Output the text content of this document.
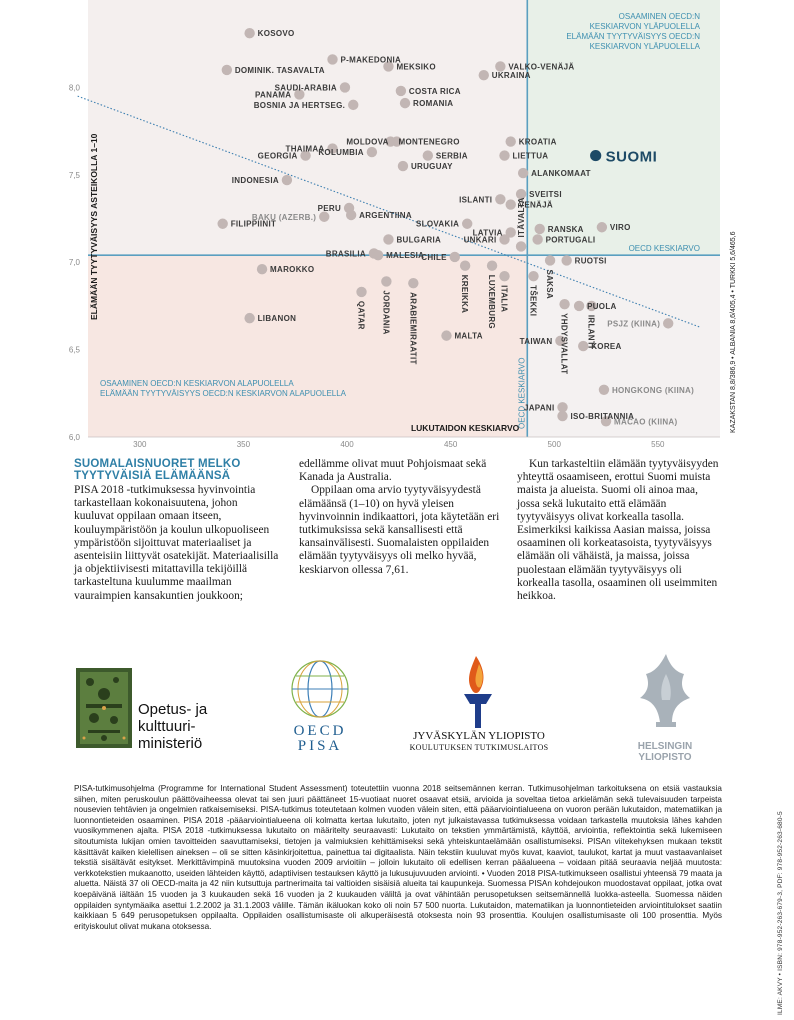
6,0
6,5
7,0
7,5
8,0
300	350	400	450	500	550
KOSOVO
DOMINIK. TASAVALTA
P-MAKEDONIA
MEKSIKO
SAUDI-ARABIA
PANAMA
BOSNIA JA HERTSEG.
COSTA RICA
ROMANIA
VALKO-VENÄJÄ
UKRAINA
THAIMAA
MOLDOVA MONTENEGRO
KOLUMBIA
GEORGIA	SERBIA
URUGUAY
INDONESIA
KROATIA
LIETTUA
ALANKOMAAT
ISLANTI
SVEITSI
VENÄJÄ
PERU
ARGENTIINA
BAKU (AZERB.)
FILIPPIINIT	SLOVAKIA
LATVIA
UNKARI
RANSKA
PORTUGALI
VIRO
BULGARIA
BRASILIA	MALESIA
CHILE	RUOTSI
MAROKKO
LIBANON
PUOLA
PSJZ (KIINA)
KOREA
MALTA
HONGKONG (KIINA)
JAPANI
ISO-BRITANNIA
MACAO (KIINA)
KREIKKA LUXEMBURG ITALIA
ITÄVALTA
TŠEKKI
SAKSA
YHDYSVALLAT IRLANTI
TAIWAN
QATAR JORDANIA ARABIEMIRAATIT
SUOMI
ELÄMÄÄN TYYTYVÄISYYS ASTEIKOLLA 1–10
LUKUTAIDON KESKIARVO
OECD KESKIARVO
OECD KESKIARVO	KAZAKSTAN 8,8/386,9 • ALBANIA 8,6/405,4 • TURKKI 5,6/465,6
OSAAMINEN OECD:N
KESKIARVON YLÄPUOLELLA
ELÄMÄÄN TYYTYVÄISYYS OECD:N
KESKIARVON YLÄPUOLELLA
OSAAMINEN OECD:N KESKIARVON ALAPUOLELLA
ELÄMÄÄN TYYTYVÄISYYS OECD:N KESKIARVON ALAPUOLELLA
SUOMALAISNUORET MELKO
TYYTYVÄISIÄ ELÄMÄÄNSÄ

PISA 2018 -tutkimuksessa hyvinvointia tarkastellaan kokonaisuutena, johon kuuluvat oppilaan omaan itseen, kouluympäristöön ja koulun ulkopuoliseen ympäristöön sijoittuvat materiaaliset ja asenteisiin liittyvät osatekijät. Materiaalisilla ja objektiivisesti mitattavilla tekijöillä tarkasteltuna kuulumme maailman vauraimpien kansakuntien joukkoon;

edellämme olivat muut Pohjoismaat sekä Kanada ja Australia.

Oppilaan oma arvio tyytyväisyydestä elämäänsä (1–10) on hyvä yleisen hyvinvoinnin indikaattori, jota käytetään eri tutkimuksissa sekä kansallisesti että kansainvälisesti. Suomalaisten oppilaiden elämään tyytyväisyys oli melko hyvää, keskiarvon ollessa 7,61.

Kun tarkasteltiin elämään tyytyväisyyden yhteyttä osaamiseen, erottui Suomi muista maista ja alueista. Suomi oli ainoa maa, jossa sekä lukutaito että elämään tyytyväisyys olivat korkealla tasolla. Esimerkiksi kaikissa Aasian maissa, joissa osaaminen oli korkeatasoista, tyytyväisyys elämään oli vähäistä, ja maissa, joissa puolestaan elämään tyytyväisyys oli korkealla tasolla, osaaminen oli useimmiten heikkoa.

Opetus- ja
kulttuuri-
ministeriö
OECD
PISA
JYVÄSKYLÄN YLIOPISTO
KOULUTUKSEN TUTKIMUSLAITOS	HELSINGIN YLIOPISTO

PISA-tutkimusohjelma (Programme for International Student Assessment) toteutettiin vuonna 2018 seitsemännen kerran. Tutkimusohjelman tarkoituksena on etsiä vastauksia siihen, miten peruskoulun päättövaiheessa olevat tai sen juuri päättäneet 15-vuotiaat nuoret osaavat etsiä, arvioida ja soveltaa tietoa arkielämän sekä tulevaisuuden tarpeista nousevien tehtävien ja ongelmien ratkaisemiseksi. PISA-tutkimus toteutetaan kolmen vuoden välein siten, että pääarviointialueena on vuoron perään lukutaidon, matematiikan ja luonnontieteiden osaaminen. PISA 2018 -pääarviointialueena oli kolmatta kertaa lukutaito, joten nyt julkaistavassa tutkimuksessa voidaan tarkastella muutoksia lähes kahden vuosikymmenen ajalta. PISA 2018 -tutkimuksessa lukutaito on määritelty seuraavasti: Lukutaito on tekstien ymmärtämistä, käyttöä, arviointia, reflektointia sekä lukemiseen sitoutumista lukijan omien tavoitteiden saavuttamiseksi, tietojen ja valmiuksien kehittämiseksi sekä yhteiskuntaelämään osallistumiseksi. PISAn viitekehyksen mukaan tekstit käsittävät kaiken kielellisen aineksen – oli se sitten käsinkirjoitettua, painettua tai digitaalista. Näin tekstiin kuuluvat myös kuvat, kaaviot, taulukot, kartat ja muut vastaavanlaiset tekstiä sisältävät esitykset. Merkittävimpinä muutoksina vuoden 2009 arvioitiin – jolloin lukutaito oli edellisen kerran pääalueena – voidaan pitää seuraavia neljää muutosta: verkkotekstien mukaanotto, useiden lähteiden käyttö, adaptiivisen testauksen käyttö ja lukusujuvuuden arviointi. • Vuoden 2018 PISA-tutkimukseen osallistui yhteensä 79 maata ja aluetta. Näistä 37 oli OECD-maita ja 42 niin kutsuttuja partnerimaita tai valtioiden sisäisiä alueita tai kaupunkeja. Suomessa PISAn kohdejoukon muodostavat oppilaat, jotka ovat koepäivänä iältään 15 vuoden ja 3 kuukauden sekä 16 vuoden ja 2 kuukauden väliltä ja ovat vähintään perusopetuksen seitsemännellä luokka-asteella. Suomessa näiden oppilaiden syntymäaika asettui 1.2.2002 ja 31.1.2003 välille. Tämän ikäluokan koko oli noin 57 500 nuorta. Lukutaidon, matematiikan ja luonnontieteiden arviointitulokset saatiin kaikkiaan 5 649 perusopetuksen oppilaalta. Oppilaiden osallistumisaste oli alkuperäisestä otoksesta noin 93 prosenttia. Koulujen osallistumisaste oli 100 prosenttia. Myös erityiskoulut olivat mukana otoksessa.	ILME: AKVY • ISBN: 978-952-263-679-3, PDF: 978-952-263-680-5
